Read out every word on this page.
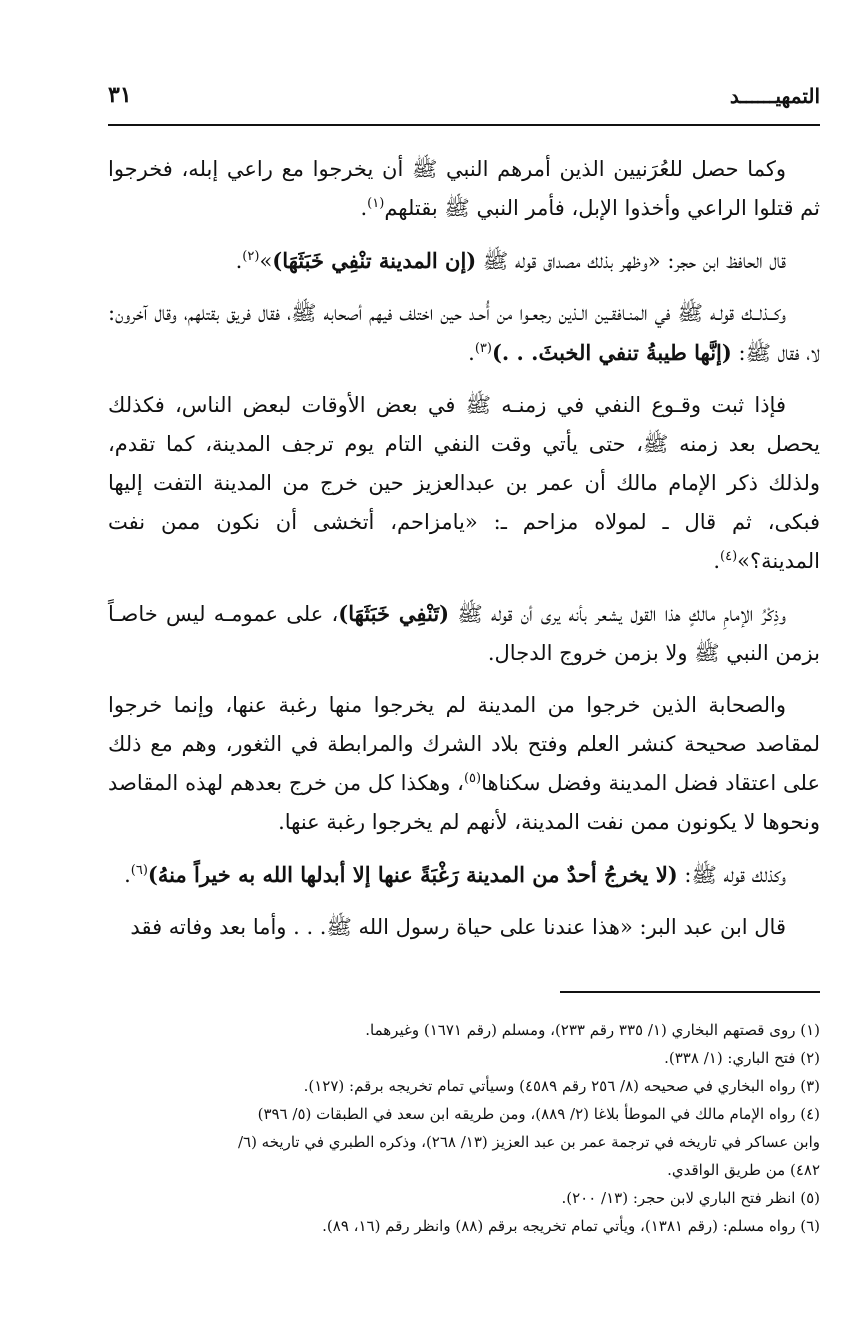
التمهيــــــد
٣١

وكما حصل للعُرَنيين الذين أمرهم النبي ﷺ أن يخرجوا مع راعي إبله، فخرجوا ثم قتلوا الراعي وأخذوا الإبل، فأمر النبي ﷺ بقتلهم$^{(١)}$.

قال الحافظ ابن حجر: «وظهر بذلك مصداق قوله ﷺ (إن المدينة تنْفِي خَبَثَهَا)»$^{(٢)}$.

وكــذلــك قولـه ﷺ في المنـافقـين الـذين رجعـوا من أُحـد حين اختلف فيهم أصحابه ﷺ، فقال فريق بقتلهم، وقال آخرون: لا، فقال ﷺ: (إنَّها طيبةُ تنفي الخبثَ. . .)$^{(٣)}$.

فإذا ثبت وقـوع النفي في زمنـه ﷺ في بعض الأوقات لبعض الناس، فكذلك يحصل بعد زمنه ﷺ، حتى يأتي وقت النفي التام يوم ترجف المدينة، كما تقدم، ولذلك ذكر الإمام مالك أن عمر بن عبدالعزيز حين خرج من المدينة التفت إليها فبكى، ثم قال ـ لمولاه مزاحم ـ: «يامزاحم، أتخشى أن نكون ممن نفت المدينة؟»$^{(٤)}$.

وذِكْرُ الإمامِ مالكٍ هذا القول يشعر بأنه يرى أن قوله ﷺ (تَنْفِي خَبَثَهَا)، على عمومـه ليس خاصـاً بزمن النبي ﷺ ولا بزمن خروج الدجال.

والصحابة الذين خرجوا من المدينة لم يخرجوا منها رغبة عنها، وإنما خرجوا لمقاصد صحيحة كنشر العلم وفتح بلاد الشرك والمرابطة في الثغور، وهم مع ذلك على اعتقاد فضل المدينة وفضل سكناها$^{(٥)}$، وهكذا كل من خرج بعدهم لهذه المقاصد ونحوها لا يكونون ممن نفت المدينة، لأنهم لم يخرجوا رغبة عنها.

وكذلك قوله ﷺ: (لا يخرجُ أحدٌ من المدينة رَغْبَةً عنها إلا أبدلها الله به خيراً منهُ)$^{(٦)}$.

قال ابن عبد البر: «هذا عندنا على حياة رسول الله ﷺ. . . وأما بعد وفاته فقد

(١) روى قصتهم البخاري (١/ ٣٣٥ رقم ٢٣٣)، ومسلم (رقم ١٦٧١) وغيرهما.

(٢) فتح الباري: (١/ ٣٣٨).

(٣) رواه البخاري في صحيحه (٨/ ٢٥٦ رقم ٤٥٨٩) وسيأتي تمام تخريجه برقم: (١٢٧).

(٤) رواه الإمام مالك في الموطأ بلاغا (٢/ ٨٨٩)، ومن طريقه ابن سعد في الطبقات (٥/ ٣٩٦) وابن عساكر في تاريخه في ترجمة عمر بن عبد العزيز (١٣/ ٢٦٨)، وذكره الطبري في تاريخه (٦/ ٤٨٢) من طريق الواقدي.

(٥) انظر فتح الباري لابن حجر: (١٣/ ٢٠٠).

(٦) رواه مسلم: (رقم ١٣٨١)، ويأتي تمام تخريجه برقم (٨٨) وانظر رقم (١٦، ٨٩).
